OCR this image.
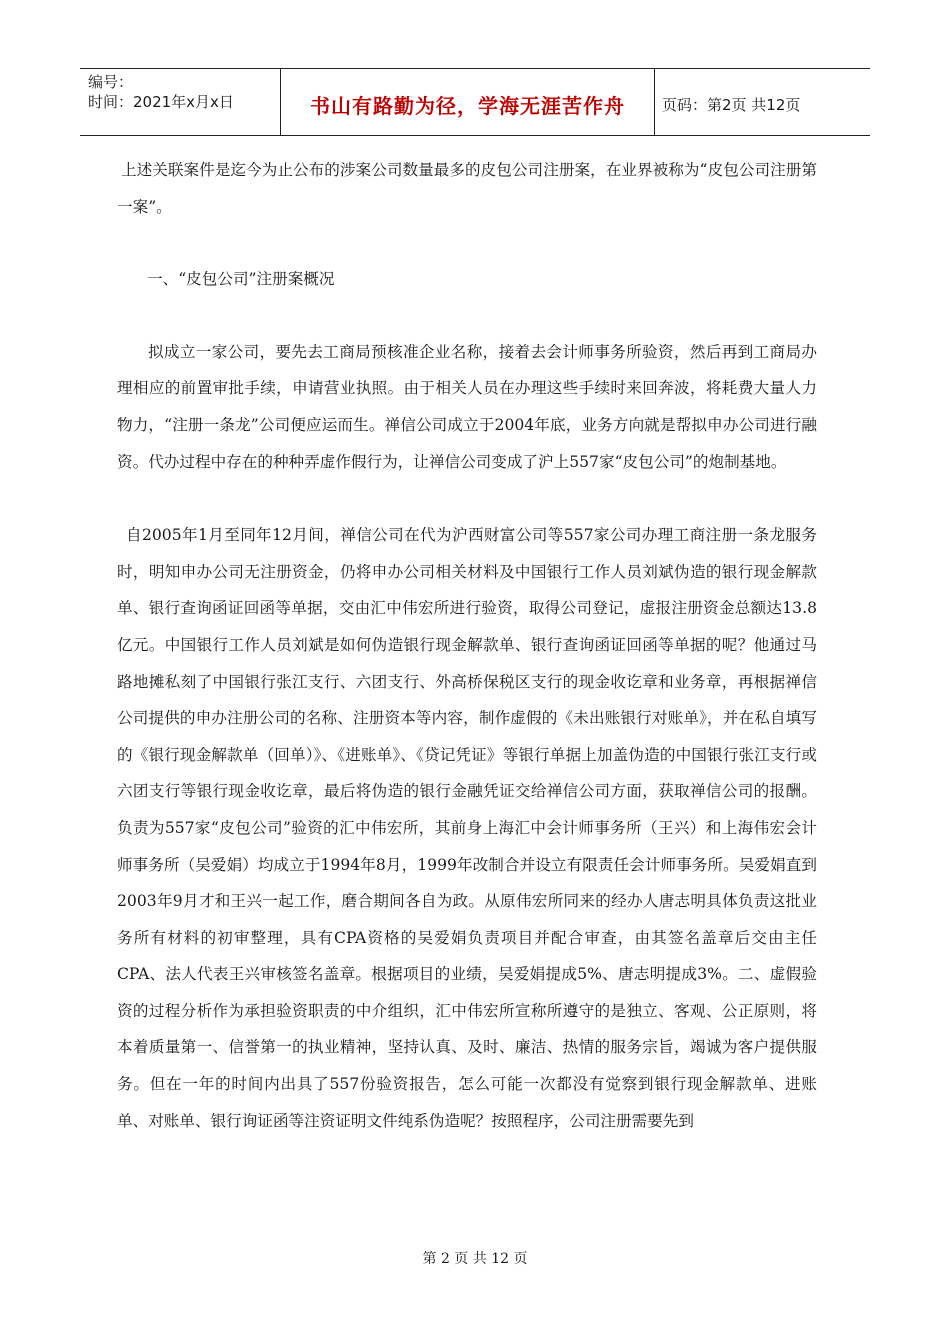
编号：
时间：2021年x月x日	书山有路勤为径，学海无涯苦作舟	页码：第2页 共12页

上述关联案件是迄今为止公布的涉案公司数量最多的皮包公司注册案，在业界被称为“皮包公司注册第一案”。

一、“皮包公司”注册案概况

拟成立一家公司，要先去工商局预核准企业名称，接着去会计师事务所验资，然后再到工商局办理相应的前置审批手续，申请营业执照。由于相关人员在办理这些手续时来回奔波，将耗费大量人力物力，“注册一条龙”公司便应运而生。禅信公司成立于2004年底，业务方向就是帮拟申办公司进行融资。代办过程中存在的种种弄虚作假行为，让禅信公司变成了沪上557家“皮包公司”的炮制基地。

自2005年1月至同年12月间，禅信公司在代为沪西财富公司等557家公司办理工商注册一条龙服务时，明知申办公司无注册资金，仍将申办公司相关材料及中国银行工作人员刘斌伪造的银行现金解款单、银行查询函证回函等单据，交由汇中伟宏所进行验资，取得公司登记，虚报注册资金总额达13.8亿元。中国银行工作人员刘斌是如何伪造银行现金解款单、银行查询函证回函等单据的呢？他通过马路地摊私刻了中国银行张江支行、六团支行、外高桥保税区支行的现金收讫章和业务章，再根据禅信公司提供的申办注册公司的名称、注册资本等内容，制作虚假的《未出账银行对账单》，并在私自填写的《银行现金解款单（回单）》、《进账单》、《贷记凭证》等银行单据上加盖伪造的中国银行张江支行或六团支行等银行现金收讫章，最后将伪造的银行金融凭证交给禅信公司方面，获取禅信公司的报酬。负责为557家“皮包公司”验资的汇中伟宏所，其前身上海汇中会计师事务所（王兴）和上海伟宏会计师事务所（吴爱娟）均成立于1994年8月，1999年改制合并设立有限责任会计师事务所。吴爱娟直到2003年9月才和王兴一起工作，磨合期间各自为政。从原伟宏所同来的经办人唐志明具体负责这批业务所有材料的初审整理，具有CPA资格的吴爱娟负责项目并配合审查，由其签名盖章后交由主任CPA、法人代表王兴审核签名盖章。根据项目的业绩，吴爱娟提成5%、唐志明提成3%。二、虚假验资的过程分析作为承担验资职责的中介组织，汇中伟宏所宣称所遵守的是独立、客观、公正原则，将本着质量第一、信誉第一的执业精神，坚持认真、及时、廉洁、热情的服务宗旨，竭诚为客户提供服务。但在一年的时间内出具了557份验资报告，怎么可能一次都没有觉察到银行现金解款单、进账单、对账单、银行询证函等注资证明文件纯系伪造呢？按照程序，公司注册需要先到

第 2 页 共 12 页
